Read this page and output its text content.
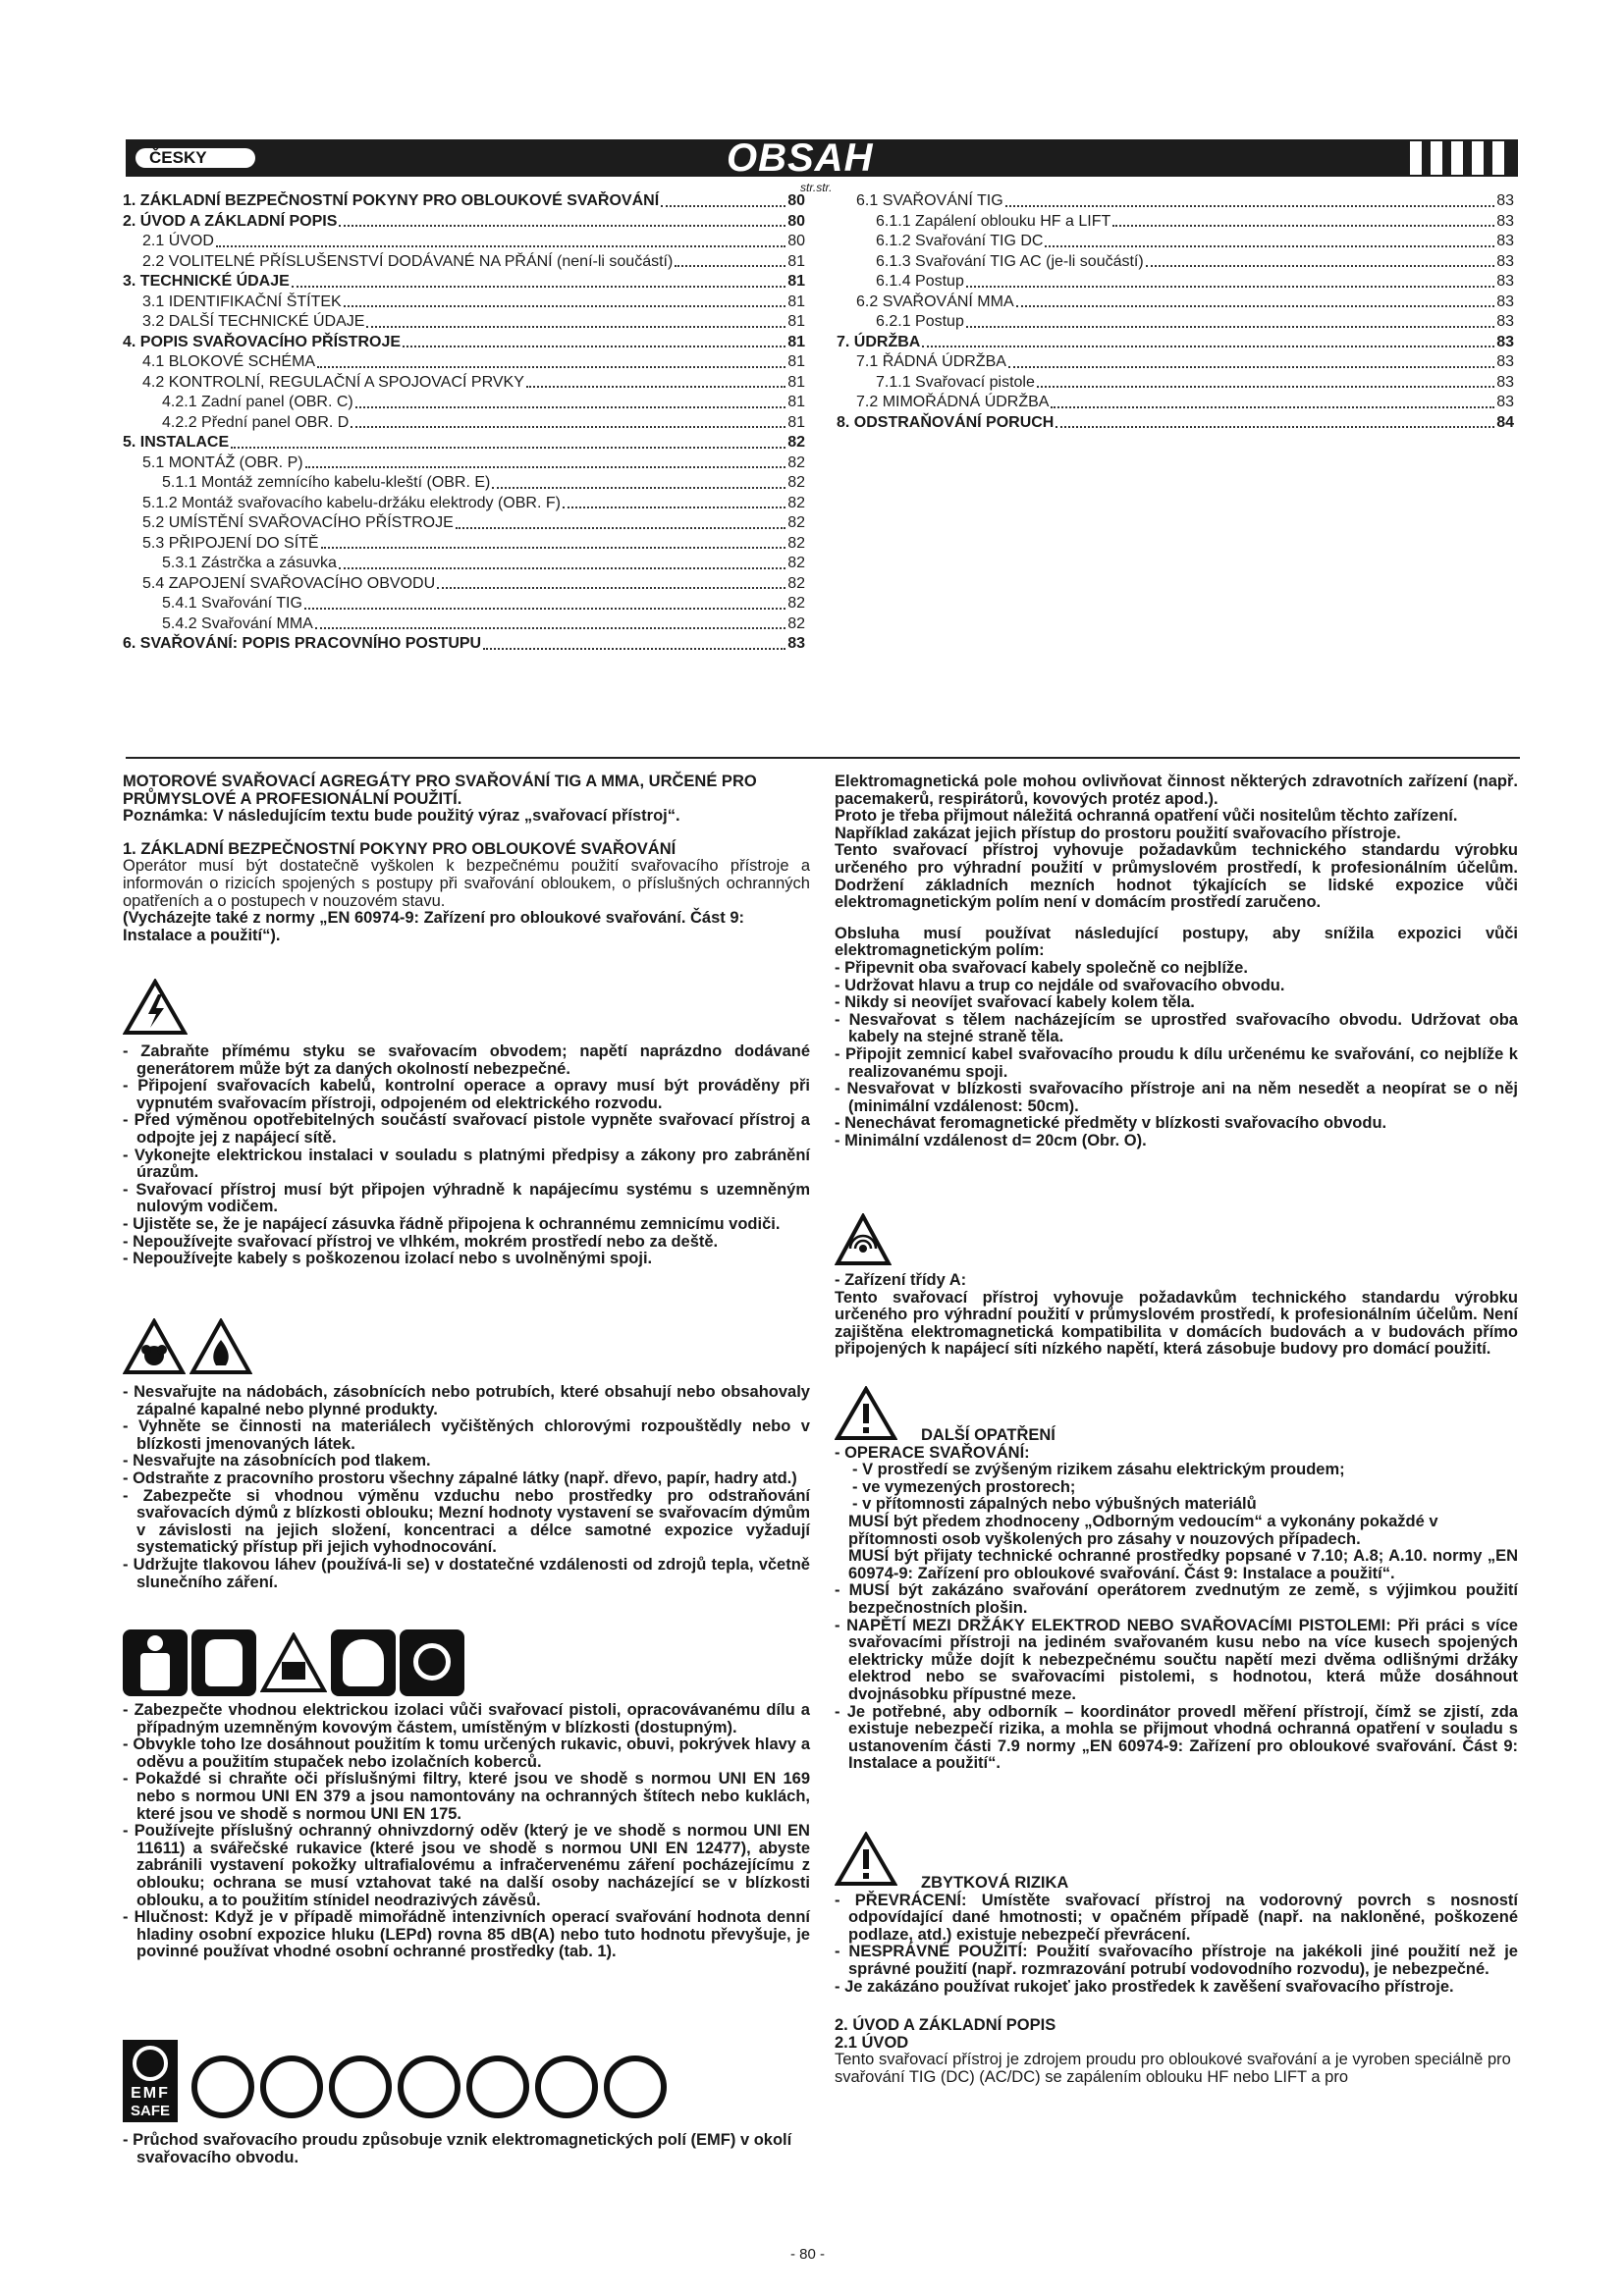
ČESKY	OBSAH
str.str.
1. ZÁKLADNÍ BEZPEČNOSTNÍ POKYNY PRO OBLOUKOVÉ SVAŘOVÁNÍ	80
2. ÚVOD A ZÁKLADNÍ POPIS	80
2.1 ÚVOD	80
2.2 VOLITELNÉ PŘÍSLUŠENSTVÍ DODÁVANÉ NA PŘÁNÍ (není-li součástí)	81
3. TECHNICKÉ ÚDAJE	81
3.1 IDENTIFIKAČNÍ ŠTÍTEK	81
3.2 DALŠÍ TECHNICKÉ ÚDAJE	81
4. POPIS SVAŘOVACÍHO PŘÍSTROJE	81
4.1 BLOKOVÉ SCHÉMA	81
4.2 KONTROLNÍ, REGULAČNÍ A SPOJOVACÍ PRVKY	81
4.2.1 Zadní panel (OBR. C)	81
4.2.2 Přední panel OBR. D	81
5. INSTALACE	82
5.1 MONTÁŽ (OBR. P)	82
5.1.1 Montáž zemnícího kabelu-kleští (OBR. E)	82
5.1.2 Montáž svařovacího kabelu-držáku elektrody (OBR. F)	82
5.2 UMÍSTĚNÍ SVAŘOVACÍHO PŘÍSTROJE	82
5.3 PŘIPOJENÍ DO SÍTĚ	82
5.3.1 Zástrčka a zásuvka	82
5.4 ZAPOJENÍ SVAŘOVACÍHO OBVODU	82
5.4.1 Svařování TIG	82
5.4.2 Svařování MMA	82
6. SVAŘOVÁNÍ: POPIS PRACOVNÍHO POSTUPU	83
6.1 SVAŘOVÁNÍ TIG	83
6.1.1 Zapálení oblouku HF a LIFT	83
6.1.2 Svařování TIG DC	83
6.1.3 Svařování TIG AC (je-li součástí)	83
6.1.4 Postup	83
6.2 SVAŘOVÁNÍ MMA	83
6.2.1 Postup	83
7. ÚDRŽBA	83
7.1 ŘÁDNÁ ÚDRŽBA	83
7.1.1 Svařovací pistole	83
7.2 MIMOŘÁDNÁ ÚDRŽBA	83
8. ODSTRAŇOVÁNÍ PORUCH	84

MOTOROVÉ SVAŘOVACÍ AGREGÁTY PRO SVAŘOVÁNÍ TIG A MMA, URČENÉ PRO PRŮMYSLOVÉ A PROFESIONÁLNÍ POUŽITÍ.

Poznámka: V následujícím textu bude použitý výraz „svařovací přístroj“.

1. ZÁKLADNÍ BEZPEČNOSTNÍ POKYNY PRO OBLOUKOVÉ SVAŘOVÁNÍ

Operátor musí být dostatečně vyškolen k bezpečnému použití svařovacího přístroje a informován o rizicích spojených s postupy při svařování obloukem, o příslušných ochranných opatřeních a o postupech v nouzovém stavu.

(Vycházejte také z normy „EN 60974-9: Zařízení pro obloukové svařování. Část 9: Instalace a použití“).

- Zabraňte přímému styku se svařovacím obvodem; napětí naprázdno dodávané generátorem může být za daných okolností nebezpečné.

- Připojení svařovacích kabelů, kontrolní operace a opravy musí být prováděny při vypnutém svařovacím přístroji, odpojeném od elektrického rozvodu.

- Před výměnou opotřebitelných součástí svařovací pistole vypněte svařovací přístroj a odpojte jej z napájecí sítě.

- Vykonejte elektrickou instalaci v souladu s platnými předpisy a zákony pro zabránění úrazům.

- Svařovací přístroj musí být připojen výhradně k napájecímu systému s uzemněným nulovým vodičem.

- Ujistěte se, že je napájecí zásuvka řádně připojena k ochrannému zemnicímu vodiči.

- Nepoužívejte svařovací přístroj ve vlhkém, mokrém prostředí nebo za deště.

- Nepoužívejte kabely s poškozenou izolací nebo s uvolněnými spoji.

- Nesvařujte na nádobách, zásobnících nebo potrubích, které obsahují nebo obsahovaly zápalné kapalné nebo plynné produkty.

- Vyhněte se činnosti na materiálech vyčištěných chlorovými rozpouštědly nebo v blízkosti jmenovaných látek.

- Nesvařujte na zásobnících pod tlakem.

- Odstraňte z pracovního prostoru všechny zápalné látky (např. dřevo, papír, hadry atd.)

- Zabezpečte si vhodnou výměnu vzduchu nebo prostředky pro odstraňování svařovacích dýmů z blízkosti oblouku; Mezní hodnoty vystavení se svařovacím dýmům v závislosti na jejich složení, koncentraci a délce samotné expozice vyžadují systematický přístup při jejich vyhodnocování.

- Udržujte tlakovou láhev (používá-li se) v dostatečné vzdálenosti od zdrojů tepla, včetně slunečního záření.

- Zabezpečte vhodnou elektrickou izolaci vůči svařovací pistoli, opracovávanému dílu a případným uzemněným kovovým částem, umístěným v blízkosti (dostupným).

- Obvykle toho lze dosáhnout použitím k tomu určených rukavic, obuvi, pokrývek hlavy a oděvu a použitím stupaček nebo izolačních koberců.

- Pokaždé si chraňte oči příslušnými filtry, které jsou ve shodě s normou UNI EN 169 nebo s normou UNI EN 379 a jsou namontovány na ochranných štítech nebo kuklách, které jsou ve shodě s normou UNI EN 175.

- Používejte příslušný ochranný ohnivzdorný oděv (který je ve shodě s normou UNI EN 11611) a svářečské rukavice (které jsou ve shodě s normou UNI EN 12477), abyste zabránili vystavení pokožky ultrafialovému a infračervenému záření pocházejícímu z oblouku; ochrana se musí vztahovat také na další osoby nacházející se v blízkosti oblouku, a to použitím stínidel neodrazivých závěsů.

- Hlučnost: Když je v případě mimořádně intenzivních operací svařování hodnota denní hladiny osobní expozice hluku (LEPd) rovna 85 dB(A) nebo tuto hodnotu převyšuje, je povinné používat vhodné osobní ochranné prostředky (tab. 1).

EMF
SAFE

- Průchod svařovacího proudu způsobuje vznik elektromagnetických polí (EMF) v okolí svařovacího obvodu.

Elektromagnetická pole mohou ovlivňovat činnost některých zdravotních zařízení (např. pacemakerů, respirátorů, kovových protéz apod.).

Proto je třeba přijmout náležitá ochranná opatření vůči nositelům těchto zařízení. Například zakázat jejich přístup do prostoru použití svařovacího přístroje.

Tento svařovací přístroj vyhovuje požadavkům technického standardu výrobku určeného pro výhradní použití v průmyslovém prostředí, k profesionálním účelům. Dodržení základních mezních hodnot týkajících se lidské expozice vůči elektromagnetickým polím není v domácím prostředí zaručeno.

Obsluha musí používat následující postupy, aby snížila expozici vůči elektromagnetickým polím:

- Připevnit oba svařovací kabely společně co nejblíže.

- Udržovat hlavu a trup co nejdále od svařovacího obvodu.

- Nikdy si neovíjet svařovací kabely kolem těla.

- Nesvařovat s tělem nacházejícím se uprostřed svařovacího obvodu. Udržovat oba kabely na stejné straně těla.

- Připojit zemnicí kabel svařovacího proudu k dílu určenému ke svařování, co nejblíže k realizovanému spoji.

- Nesvařovat v blízkosti svařovacího přístroje ani na něm nesedět a neopírat se o něj (minimální vzdálenost: 50cm).

- Nenechávat feromagnetické předměty v blízkosti svařovacího obvodu.

- Minimální vzdálenost d= 20cm (Obr. O).

- Zařízení třídy A:

Tento svařovací přístroj vyhovuje požadavkům technického standardu výrobku určeného pro výhradní použití v průmyslovém prostředí, k profesionálním účelům. Není zajištěna elektromagnetická kompatibilita v domácích budovách a v budovách přímo připojených k napájecí síti nízkého napětí, která zásobuje budovy pro domácí použití.

DALŠÍ OPATŘENÍ

- OPERACE SVAŘOVÁNÍ:

- V prostředí se zvýšeným rizikem zásahu elektrickým proudem;

- ve vymezených prostorech;

- v přítomnosti zápalných nebo výbušných materiálů

MUSÍ být předem zhodnoceny „Odborným vedoucím“ a vykonány pokaždé v přítomnosti osob vyškolených pro zásahy v nouzových případech.

MUSÍ být přijaty technické ochranné prostředky popsané v 7.10; A.8; A.10. normy „EN 60974-9: Zařízení pro obloukové svařování. Část 9: Instalace a použití“.

- MUSÍ být zakázáno svařování operátorem zvednutým ze země, s výjimkou použití bezpečnostních plošin.

- NAPĚTÍ MEZI DRŽÁKY ELEKTROD NEBO SVAŘOVACÍMI PISTOLEMI: Při práci s více svařovacími přístroji na jediném svařovaném kusu nebo na více kusech spojených elektricky může dojít k nebezpečnému součtu napětí mezi dvěma odlišnými držáky elektrod nebo se svařovacími pistolemi, s hodnotou, která může dosáhnout dvojnásobku přípustné meze.

- Je potřebné, aby odborník – koordinátor provedl měření přístrojí, čímž se zjistí, zda existuje nebezpečí rizika, a mohla se přijmout vhodná ochranná opatření v souladu s ustanovením části 7.9 normy „EN 60974-9: Zařízení pro obloukové svařování. Část 9: Instalace a použití“.

ZBYTKOVÁ RIZIKA

- PŘEVRÁCENÍ: Umístěte svařovací přístroj na vodorovný povrch s nosností odpovídající dané hmotnosti; v opačném případě (např. na nakloněné, poškozené podlaze, atd.) existuje nebezpečí převrácení.

- NESPRÁVNÉ POUŽITÍ: Použití svařovacího přístroje na jakékoli jiné použití než je správné použití (např. rozmrazování potrubí vodovodního rozvodu), je nebezpečné.

- Je zakázáno používat rukojeť jako prostředek k zavěšení svařovacího přístroje.

2. ÚVOD A ZÁKLADNÍ POPIS

2.1 ÚVOD

Tento svařovací přístroj je zdrojem proudu pro obloukové svařování a je vyroben speciálně pro svařování TIG (DC) (AC/DC) se zapálením oblouku HF nebo LIFT a pro

- 80 -
